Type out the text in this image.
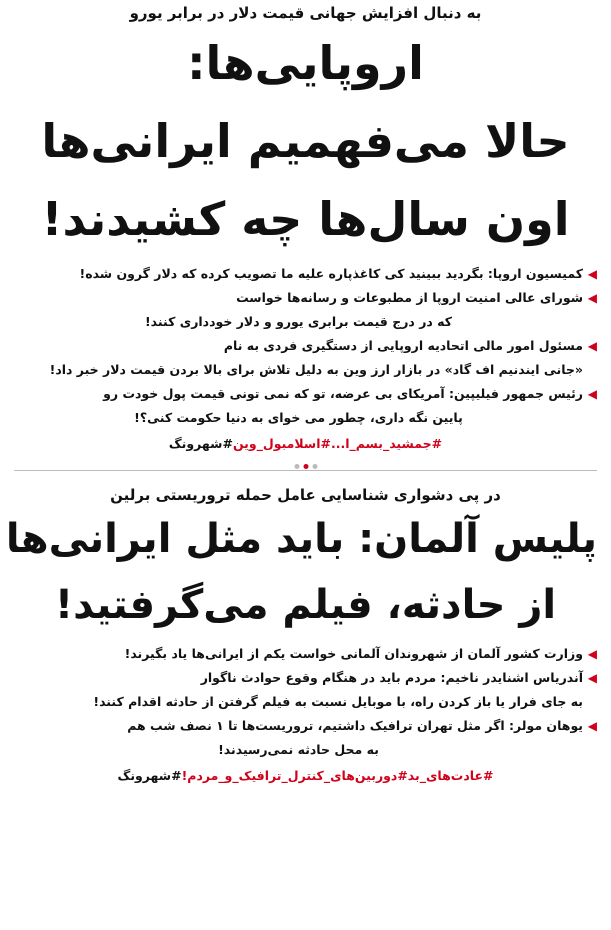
به دنبال افزایش جهانی قیمت دلار در برابر یورو
اروپایی‌ها:
حالا می‌فهمیم ایرانی‌ها
اون سال‌ها چه کشیدند!
◀
کمیسیون اروپا: بگردید ببینید کی کاغذپاره علیه ما تصویب کرده که دلار گرون شده!
◀
شورای عالی امنیت اروپا از مطبوعات و رسانه‌ها خواست
که در درج قیمت برابری یورو و دلار خودداری کنند!
◀
مسئول امور مالی اتحادیه اروپایی از دستگیری فردی به نام
«جانی ایندنیم اف گاد» در بازار ارز وین به دلیل تلاش برای بالا بردن قیمت دلار خبر داد!
◀
رئیس جمهور فیلیپین: آمریکای بی عرضه، تو که نمی تونی قیمت پول خودت رو
پایین نگه داری، چطور می خوای به دنیا حکومت کنی؟!
#جمشید_بسم_ا...#اسلامبول_وین#شهرونگ
در پی دشواری شناسایی عامل حمله تروریستی برلین
پلیس آلمان: باید مثل ایرانی‌ها
از حادثه، فیلم می‌گرفتید!
◀
وزارت کشور آلمان از شهروندان آلمانی خواست یکم از ایرانی‌ها یاد بگیرند!
◀
آندریاس اشنایدر ناخیم: مردم باید در هنگام وقوع حوادث ناگوار
به جای فرار یا باز کردن راه، با موبایل نسبت به فیلم گرفتن از حادثه اقدام کنند!
◀
یوهان مولر: اگر مثل تهران ترافیک داشتیم، تروریست‌ها تا ۱ نصف شب هم
به محل حادثه نمی‌رسیدند!
#عادت‌های_بد#دوربین‌های_کنترل_ترافیک_و_مردم!#شهرونگ
